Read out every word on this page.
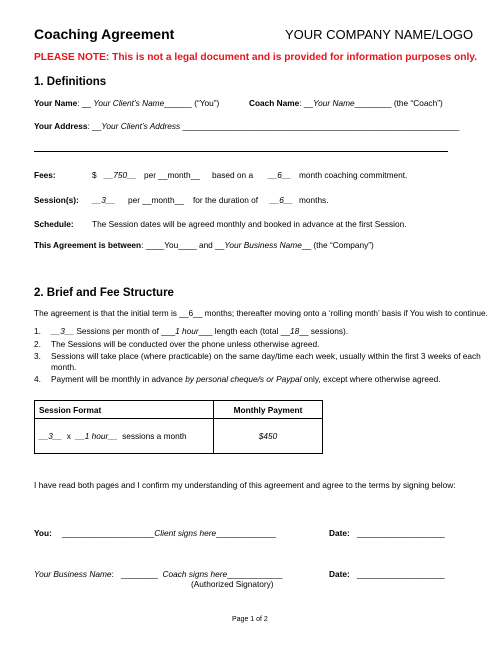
Coaching Agreement	YOUR COMPANY NAME/LOGO
PLEASE NOTE: This is not a legal document and is provided for information purposes only.
1. Definitions
Your Name: __ Your Client’s Name______ (“You”)	Coach Name: __Your Name________ (the “Coach”)
Your Address: __Your Client’s Address ____________________________________________________________
Fees:	$ __750__ per __month__ based on a __6__ month coaching commitment.
Session(s): __3__ per __month__ for the duration of __6__ months.
Schedule: The Session dates will be agreed monthly and booked in advance at the first Session.
This Agreement is between: ____You____ and __Your Business Name__ (the “Company”)
2. Brief and Fee Structure
The agreement is that the initial term is __6__ months; thereafter moving onto a ‘rolling month’ basis if You wish to continue.
1. __3__ Sessions per month of ___1 hour___ length each (total __18__ sessions).
2. The Sessions will be conducted over the phone unless otherwise agreed.
3. Sessions will take place (where practicable) on the same day/time each week, usually within the first 3 weeks of each
month.
4. Payment will be monthly in advance by personal cheque/s or Paypal only, except where otherwise agreed.
Session Format	Monthly Payment
__3__ x __1 hour__ sessions a month	$450
I have read both pages and I confirm my understanding of this agreement and agree to the terms by signing below:
You: ____________________Client signs here_____________	Date: ___________________
Your Business Name: ________ Coach signs here____________
(Authorized Signatory)
Date: ___________________
Page 1 of 2
